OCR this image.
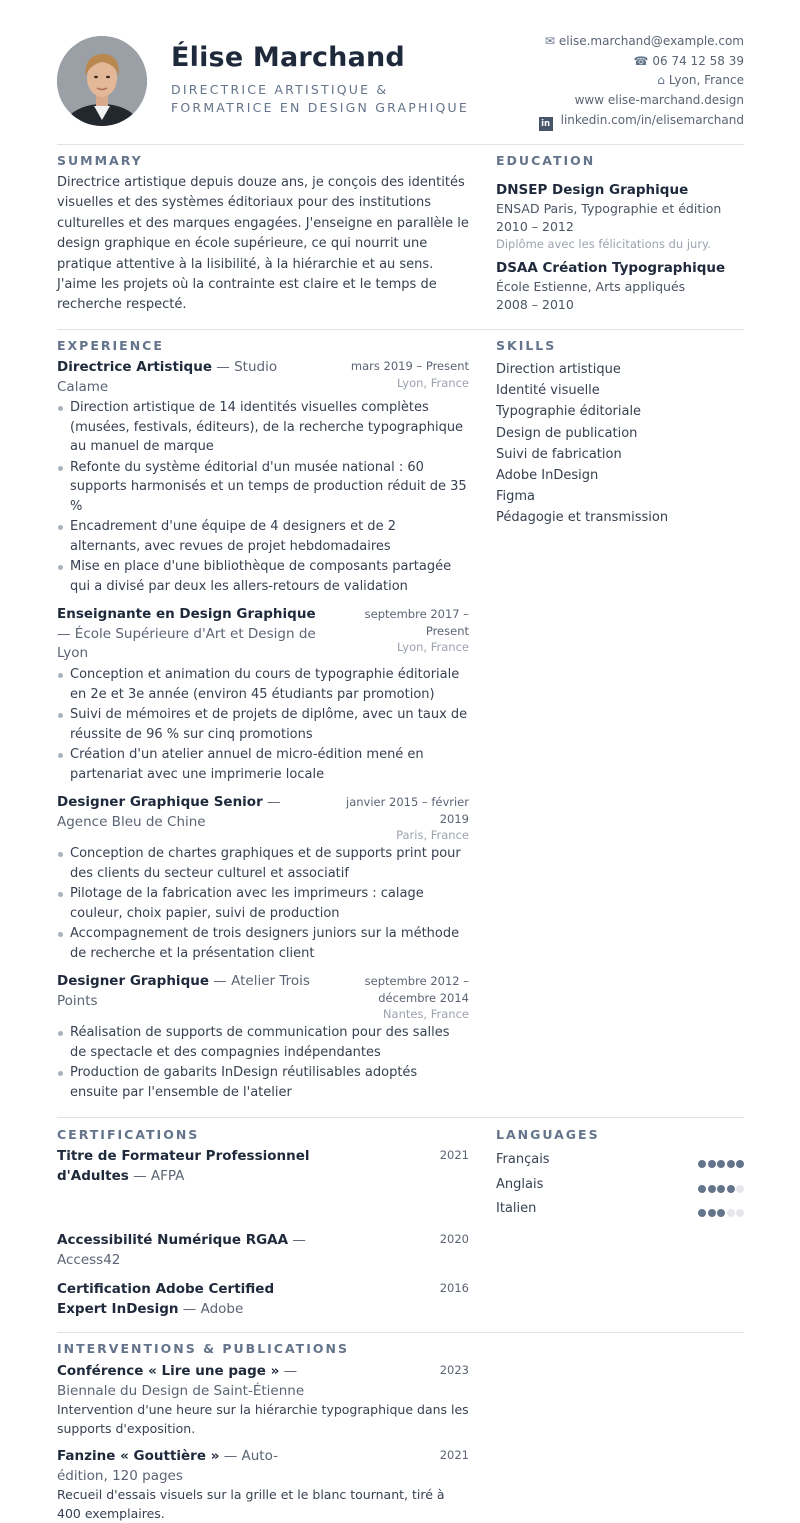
Élise Marchand
DIRECTRICE ARTISTIQUE & FORMATRICE EN DESIGN GRAPHIQUE
✉ elise.marchand@example.com
☎ 06 74 12 58 39
⌂ Lyon, France
www elise-marchand.design
in linkedin.com/in/elisemarchand
SUMMARY
Directrice artistique depuis douze ans, je conçois des identités visuelles et des systèmes éditoriaux pour des institutions culturelles et des marques engagées. J'enseigne en parallèle le design graphique en école supérieure, ce qui nourrit une pratique attentive à la lisibilité, à la hiérarchie et au sens. J'aime les projets où la contrainte est claire et le temps de recherche respecté.
EDUCATION
DNSEP Design Graphique
ENSAD Paris, Typographie et édition
2010 – 2012
Diplôme avec les félicitations du jury.
DSAA Création Typographique
École Estienne, Arts appliqués
2008 – 2010
EXPERIENCE
Directrice Artistique — Studio Calame
mars 2019 – Present
Lyon, France
Direction artistique de 14 identités visuelles complètes (musées, festivals, éditeurs), de la recherche typographique au manuel de marque
Refonte du système éditorial d'un musée national : 60 supports harmonisés et un temps de production réduit de 35 %
Encadrement d'une équipe de 4 designers et de 2 alternants, avec revues de projet hebdomadaires
Mise en place d'une bibliothèque de composants partagée qui a divisé par deux les allers-retours de validation
Enseignante en Design Graphique — École Supérieure d'Art et Design de Lyon
septembre 2017 – Present
Lyon, France
Conception et animation du cours de typographie éditoriale en 2e et 3e année (environ 45 étudiants par promotion)
Suivi de mémoires et de projets de diplôme, avec un taux de réussite de 96 % sur cinq promotions
Création d'un atelier annuel de micro-édition mené en partenariat avec une imprimerie locale
Designer Graphique Senior — Agence Bleu de Chine
janvier 2015 – février 2019
Paris, France
Conception de chartes graphiques et de supports print pour des clients du secteur culturel et associatif
Pilotage de la fabrication avec les imprimeurs : calage couleur, choix papier, suivi de production
Accompagnement de trois designers juniors sur la méthode de recherche et la présentation client
Designer Graphique — Atelier Trois Points
septembre 2012 – décembre 2014
Nantes, France
Réalisation de supports de communication pour des salles de spectacle et des compagnies indépendantes
Production de gabarits InDesign réutilisables adoptés ensuite par l'ensemble de l'atelier
SKILLS
Direction artistique
Identité visuelle
Typographie éditoriale
Design de publication
Suivi de fabrication
Adobe InDesign
Figma
Pédagogie et transmission
CERTIFICATIONS
Titre de Formateur Professionnel d'Adultes — AFPA
2021
Accessibilité Numérique RGAA — Access42
2020
Certification Adobe Certified Expert InDesign — Adobe
2016
LANGUAGES
Français
Anglais
Italien
INTERVENTIONS & PUBLICATIONS
Conférence « Lire une page » — Biennale du Design de Saint-Étienne
2023
Intervention d'une heure sur la hiérarchie typographique dans les supports d'exposition.
Fanzine « Gouttière » — Auto-édition, 120 pages
2021
Recueil d'essais visuels sur la grille et le blanc tournant, tiré à 400 exemplaires.
